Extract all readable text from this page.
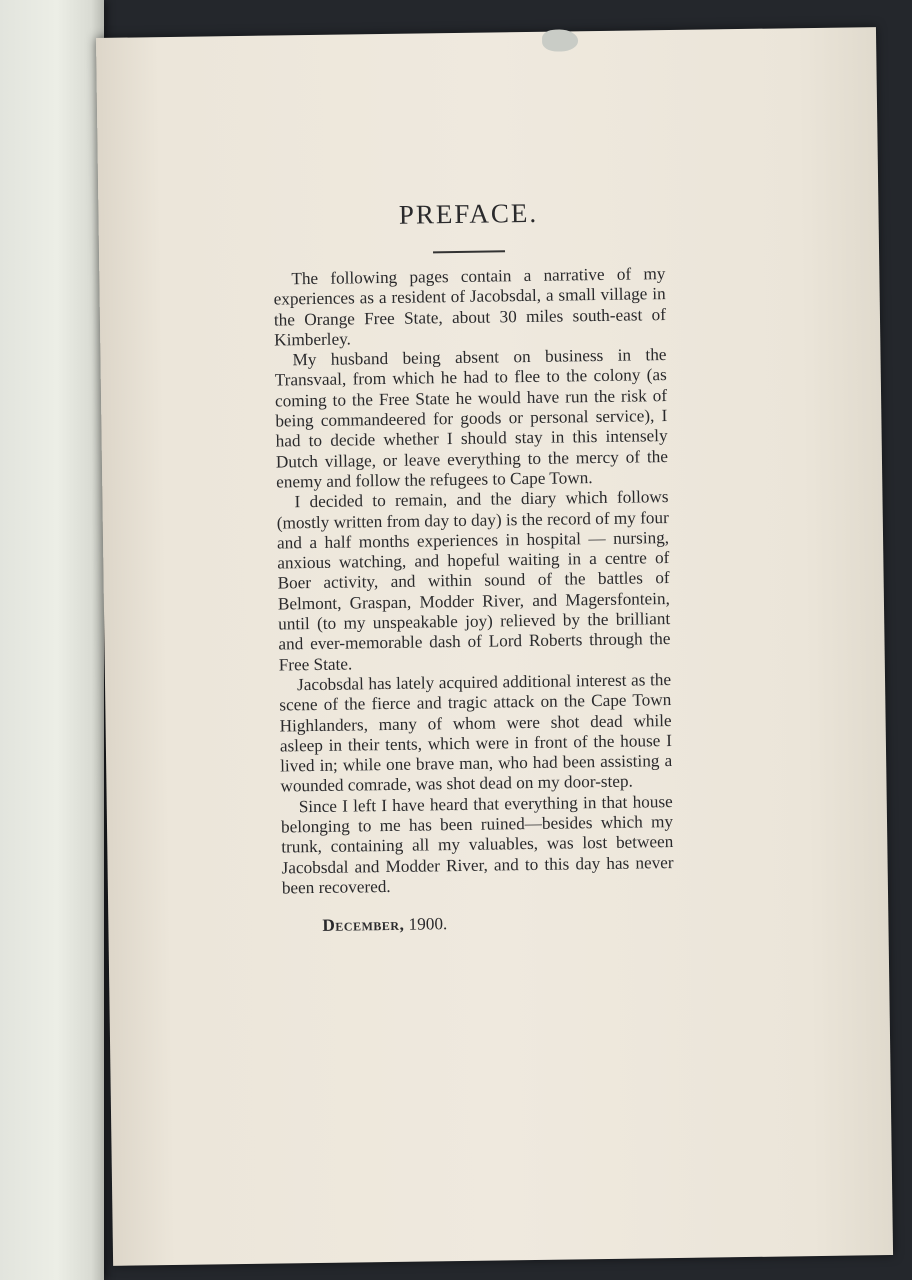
PREFACE.

The following pages contain a narrative of my experiences as a resident of Jacobsdal, a small village in the Orange Free State, about 30 miles south-east of Kimberley.

My husband being absent on business in the Transvaal, from which he had to flee to the colony (as coming to the Free State he would have run the risk of being commandeered for goods or personal service), I had to decide whether I should stay in this intensely Dutch village, or leave everything to the mercy of the enemy and follow the refugees to Cape Town.

I decided to remain, and the diary which follows (mostly written from day to day) is the record of my four and a half months experiences in hospital — nursing, anxious watching, and hopeful waiting in a centre of Boer activity, and within sound of the battles of Belmont, Graspan, Modder River, and Magersfontein, until (to my unspeakable joy) relieved by the brilliant and ever-memorable dash of Lord Roberts through the Free State.

Jacobsdal has lately acquired additional interest as the scene of the fierce and tragic attack on the Cape Town Highlanders, many of whom were shot dead while asleep in their tents, which were in front of the house I lived in; while one brave man, who had been assisting a wounded comrade, was shot dead on my door-step.

Since I left I have heard that everything in that house belonging to me has been ruined—besides which my trunk, containing all my valuables, was lost between Jacobsdal and Modder River, and to this day has never been recovered.

December, 1900.
